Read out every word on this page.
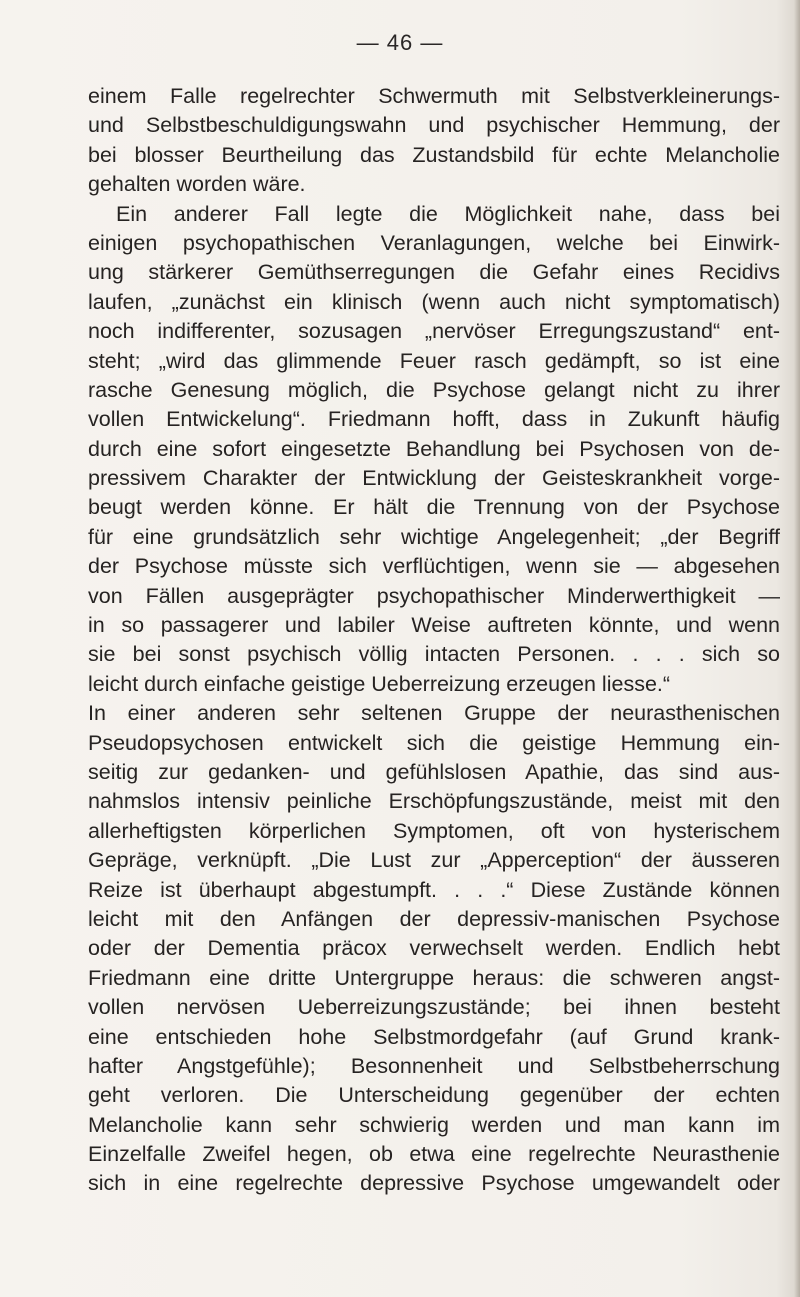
— 46 —
einem Falle regelrechter Schwermuth mit Selbstverkleinerungs-
und Selbstbeschuldigungswahn und psychischer Hemmung, der
bei blosser Beurtheilung das Zustandsbild für echte Melancholie
gehalten worden wäre.
Ein anderer Fall legte die Möglichkeit nahe, dass bei
einigen psychopathischen Veranlagungen, welche bei Einwirk-
ung stärkerer Gemüthserregungen die Gefahr eines Recidivs
laufen, „zunächst ein klinisch (wenn auch nicht symptomatisch)
noch indifferenter, sozusagen „nervöser Erregungszustand“ ent-
steht; „wird das glimmende Feuer rasch gedämpft, so ist eine
rasche Genesung möglich, die Psychose gelangt nicht zu ihrer
vollen Entwickelung“. Friedmann hofft, dass in Zukunft häufig
durch eine sofort eingesetzte Behandlung bei Psychosen von de-
pressivem Charakter der Entwicklung der Geisteskrankheit vorge-
beugt werden könne. Er hält die Trennung von der Psychose
für eine grundsätzlich sehr wichtige Angelegenheit; „der Begriff
der Psychose müsste sich verflüchtigen, wenn sie — abgesehen
von Fällen ausgeprägter psychopathischer Minderwerthigkeit —
in so passagerer und labiler Weise auftreten könnte, und wenn
sie bei sonst psychisch völlig intacten Personen. . . . sich so
leicht durch einfache geistige Ueberreizung erzeugen liesse.“
In einer anderen sehr seltenen Gruppe der neurasthenischen
Pseudopsychosen entwickelt sich die geistige Hemmung ein-
seitig zur gedanken- und gefühlslosen Apathie, das sind aus-
nahmslos intensiv peinliche Erschöpfungszustände, meist mit den
allerheftigsten körperlichen Symptomen, oft von hysterischem
Gepräge, verknüpft. „Die Lust zur „Apperception“ der äusseren
Reize ist überhaupt abgestumpft. . . .“ Diese Zustände können
leicht mit den Anfängen der depressiv-manischen Psychose
oder der Dementia präcox verwechselt werden. Endlich hebt
Friedmann eine dritte Untergruppe heraus: die schweren angst-
vollen nervösen Ueberreizungszustände; bei ihnen besteht
eine entschieden hohe Selbstmordgefahr (auf Grund krank-
hafter Angstgefühle); Besonnenheit und Selbstbeherrschung
geht verloren. Die Unterscheidung gegenüber der echten
Melancholie kann sehr schwierig werden und man kann im
Einzelfalle Zweifel hegen, ob etwa eine regelrechte Neurasthenie
sich in eine regelrechte depressive Psychose umgewandelt oder
